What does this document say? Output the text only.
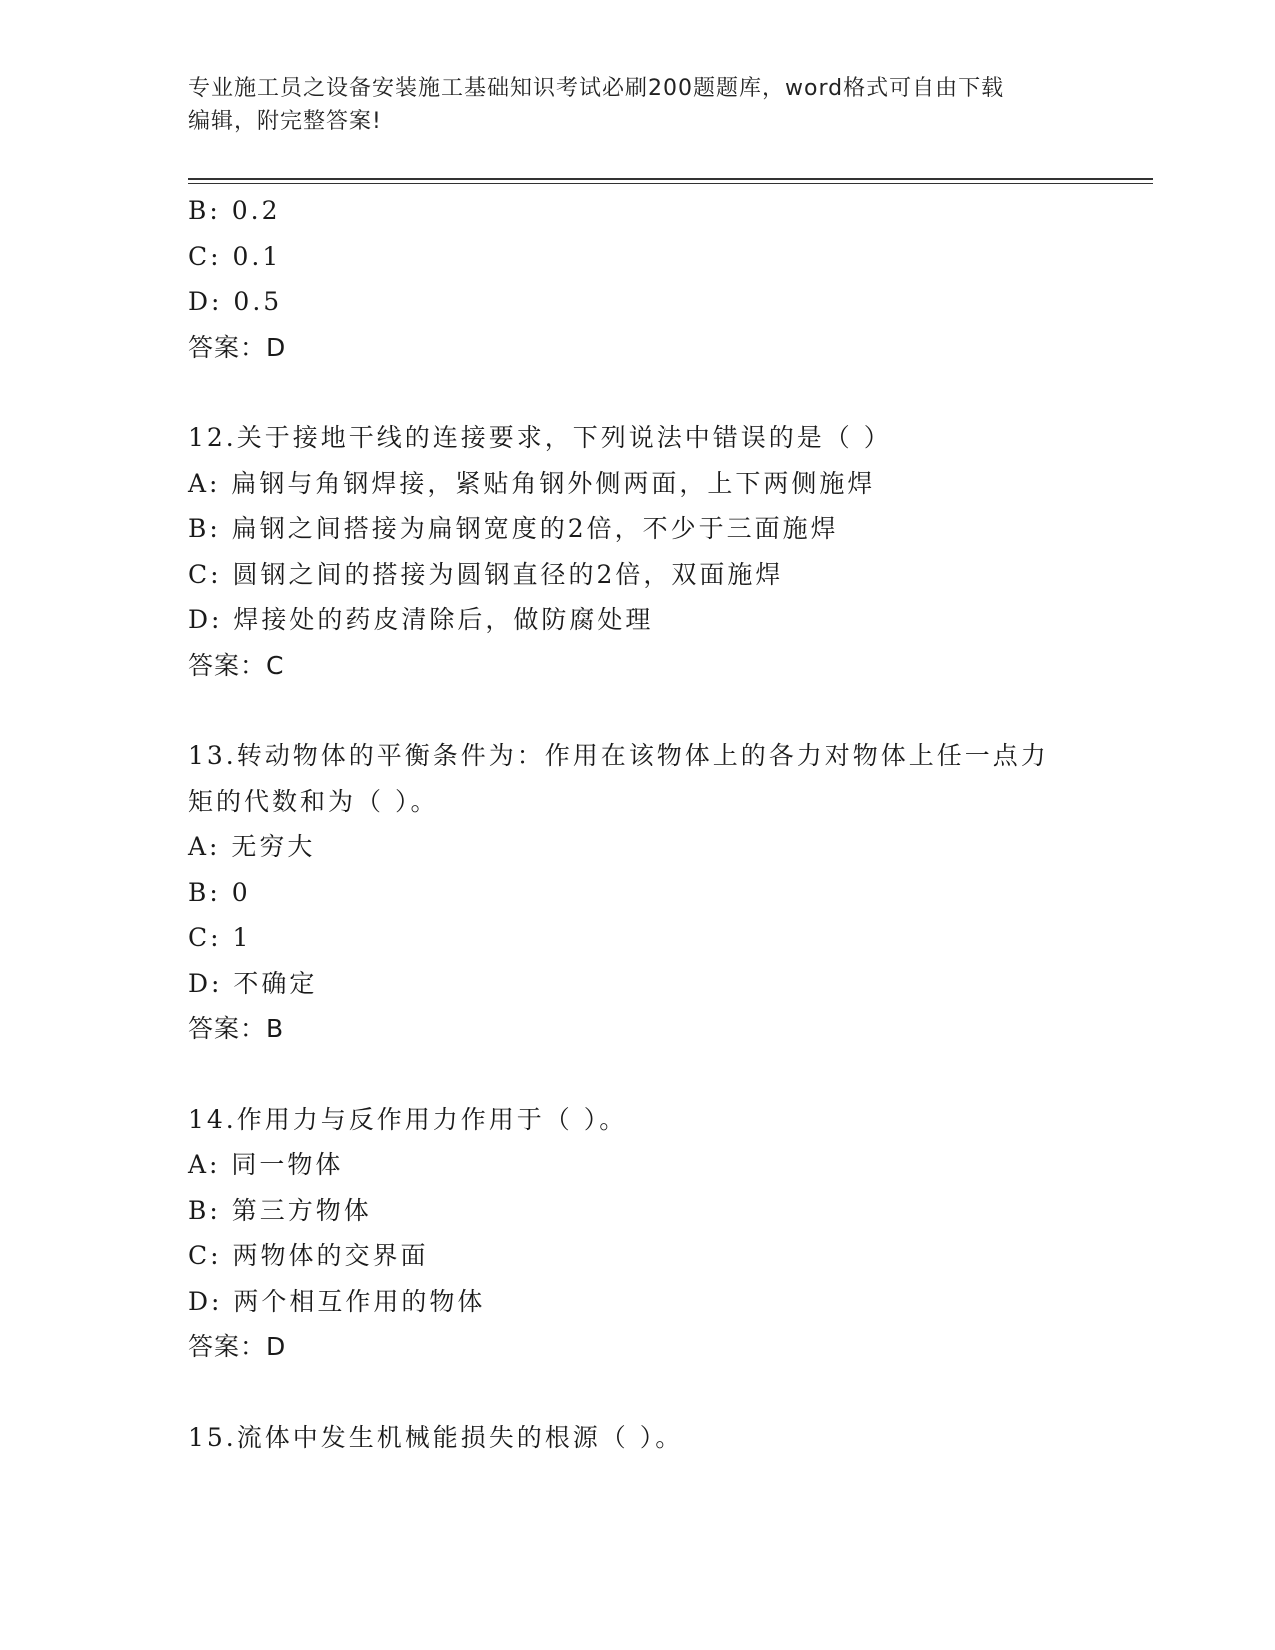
专业施工员之设备安装施工基础知识考试必刷200题题库，word格式可自由下载
编辑，附完整答案!
B: 0.2
C: 0.1
D: 0.5
答案：D
12.关于接地干线的连接要求，下列说法中错误的是（ ）
A: 扁钢与角钢焊接，紧贴角钢外侧两面，上下两侧施焊
B: 扁钢之间搭接为扁钢宽度的2倍，不少于三面施焊
C: 圆钢之间的搭接为圆钢直径的2倍，双面施焊
D: 焊接处的药皮清除后，做防腐处理
答案：C
13.转动物体的平衡条件为：作用在该物体上的各力对物体上任一点力
矩的代数和为（ ）。
A: 无穷大
B: 0
C: 1
D: 不确定
答案：B
14.作用力与反作用力作用于（ ）。
A: 同一物体
B: 第三方物体
C: 两物体的交界面
D: 两个相互作用的物体
答案：D
15.流体中发生机械能损失的根源（ ）。
